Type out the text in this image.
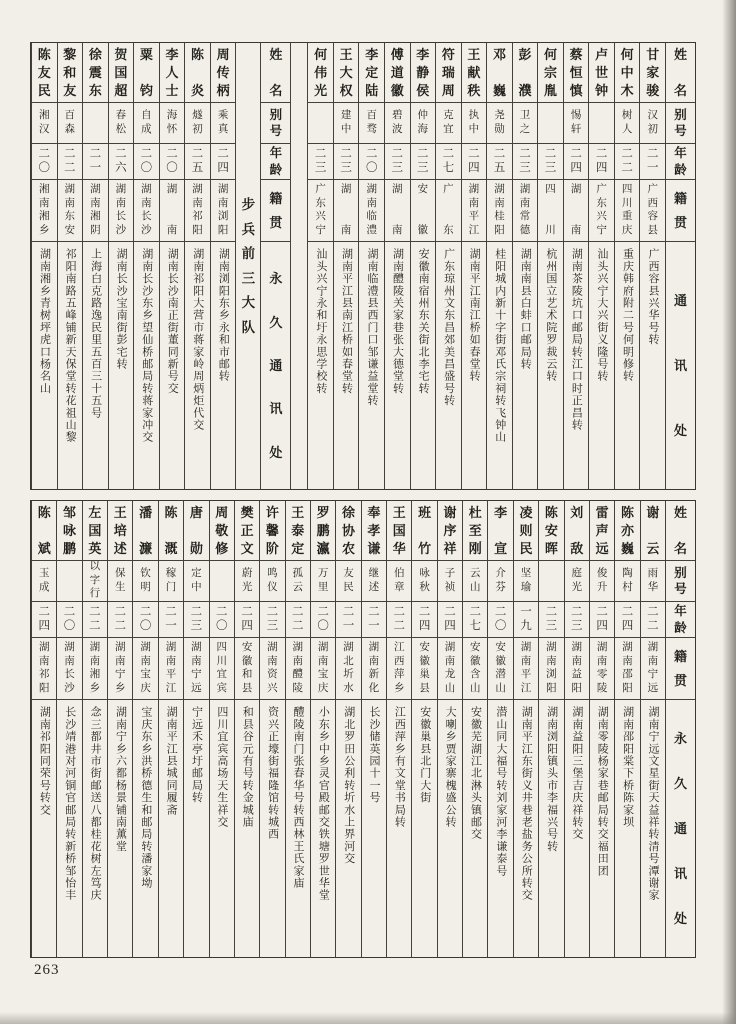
姓
名
别
号
年
龄
籍
贯
通
讯
处
甘
家
骏
汉
初
二
一
广
西
容
县
广西容县兴华号转
何
中
木
树
人
二
二
四
川
重
庆
重庆韩府附二号何明修转
卢
世
钟
二
四
广
东
兴
宁
汕头兴宁大兴街义隆号转
蔡
恒
慎
惕
轩
二
四
湖
南
湖南茶陵坑口邮局转江口时正昌转
何
宗
胤
二
三
四
川
杭州国立艺术院罗裁云转
彭
濮
卫
之
二
三
湖
南
常
德
湖南南县白蚌口邮局转
邓
巍
尧
勋
二
五
湖
南
桂
阳
桂阳城内新十字街邓氏宗祠转飞钟山
王
献
秩
执
中
二
四
湖
南
平
江
湖南平江南江桥如春堂转
符
瑞
周
克
宜
二
七
广
东
广东琼州文东昌郊美昌盛号转
李
静
侯
仲
海
二
三
安
徽
安徽南宿州东关街北李宅转
傅
道
徽
碧
波
二
三
湖
南
湖南醴陵关家巷张大德堂转
李
定
陆
百
骛
二
〇
湖
南
临
澧
湖南临澧县西门口邹谦益堂转
王
大
权
建
中
二
三
湖
南
湖南平江县南江桥如春堂转
何
伟
光
二
三
广
东
兴
宁
汕头兴宁永和圩永思学校转
姓
名
别
号
年
龄
籍
贯
永
久
通
讯
处
步
兵
前
三
大
队
周
传
柄
乘
真
二
四
湖
南
浏
阳
湖南浏阳东乡永和市邮转
陈
炎
燧
初
二
五
湖
南
祁
阳
湖南祁阳大营市蒋家岭周炳炬代交
李
人
士
海
怀
二
〇
湖
南
湖南长沙南正街董同新号交
粟
钧
自
成
二
〇
湖
南
长
沙
湖南长沙东乡望仙桥邮局转蒋家冲交
贺
国
超
春
松
二
六
湖
南
长
沙
湖南长沙宝南街彭宅转
徐
震
东
二
一
湖
南
湘
阴
上海白克路逸民里五百三十五号
黎
和
友
百
森
二
二
湖
南
东
安
祁阳南路五峰铺新天保堂转花祖山黎
陈
友
民
湘
汉
二
〇
湘
南
湘
乡
湖南湘乡青树坪虎口杨名山
姓
名
别
号
年
龄
籍
贯
永
久
通
讯
处
谢
云
雨
华
二
二
湖
南
宁
远
湖南宁远文星街天益祥转清号潭谢家
陈
亦
巍
陶
村
二
四
湖
南
邵
阳
湖南邵阳棠下桥陈家坝
雷
声
远
俊
升
二
四
湖
南
零
陵
湖南零陵杨家巷邮局转交福田团
刘
敌
庭
光
二
三
湖
南
益
阳
湖南益阳三堡吉庆祥转交
陈
安
晖
二
三
湖
南
浏
阳
湖南浏阳镇头市李福兴号转
凌
则
民
坚
瑜
一
九
湖
南
平
江
湖南平江东街义井巷老盐务公所转交
李
宣
介
芬
二
〇
安
徽
潜
山
潜山同大福号转刘家河李谦泰号
杜
至
刚
云
山
二
七
安
徽
含
山
安徽芜湖江北淋头镇邮交
谢
序
祥
子
祯
二
四
湖
南
龙
山
大喇乡贾家寨槐盛公转
班
竹
咏
秋
二
四
安
徽
巢
县
安徽巢县北门大街
王
国
华
伯
章
二
二
江
西
萍
乡
江西萍乡有文堂书局转
奉
孝
谦
继
述
二
一
湖
南
新
化
长沙储英园十一号
徐
协
农
友
民
二
一
湖
北
圻
水
湖北罗田公利转圻水上界河交
罗
鹏
瀛
万
里
二
〇
湖
南
宝
庆
小东乡中乡灵官殿邮交铁塘罗世华堂
王
泰
定
孤
云
二
二
湖
南
醴
陵
醴陵南门张春华号转西林王氏家庙
许
馨
阶
鸣
仪
二
三
湖
南
资
兴
资兴正壕街福隆馆转城西
樊
正
文
蔚
光
二
四
安
徽
和
县
和县谷元有号转金城庙
周
敬
修
二
〇
四
川
宜
宾
四川宜宾高场天生祥交
唐
勋
定
中
二
三
湖
南
宁
远
宁远禾亭圩邮局转
陈
溉
稼
门
二
一
湖
南
平
江
湖南平江县城同履斋
潘
濂
钦
明
二
〇
湖
南
宝
庆
宝庆东乡洪桥德生和邮局转潘家坳
王
培
述
保
生
二
二
湖
南
宁
乡
湖南宁乡六都杨景铺南薰堂
左
国
英
以
字
行
二
二
湖
南
湘
乡
念三都井市街邮送八都桂花树左笃庆
邹
咏
鹏
二
〇
湖
南
长
沙
长沙靖港对河铜官邮局转新桥邹怡丰
陈
斌
玉
成
二
四
湖
南
祁
阳
湖南祁阳同荣号转交
263
